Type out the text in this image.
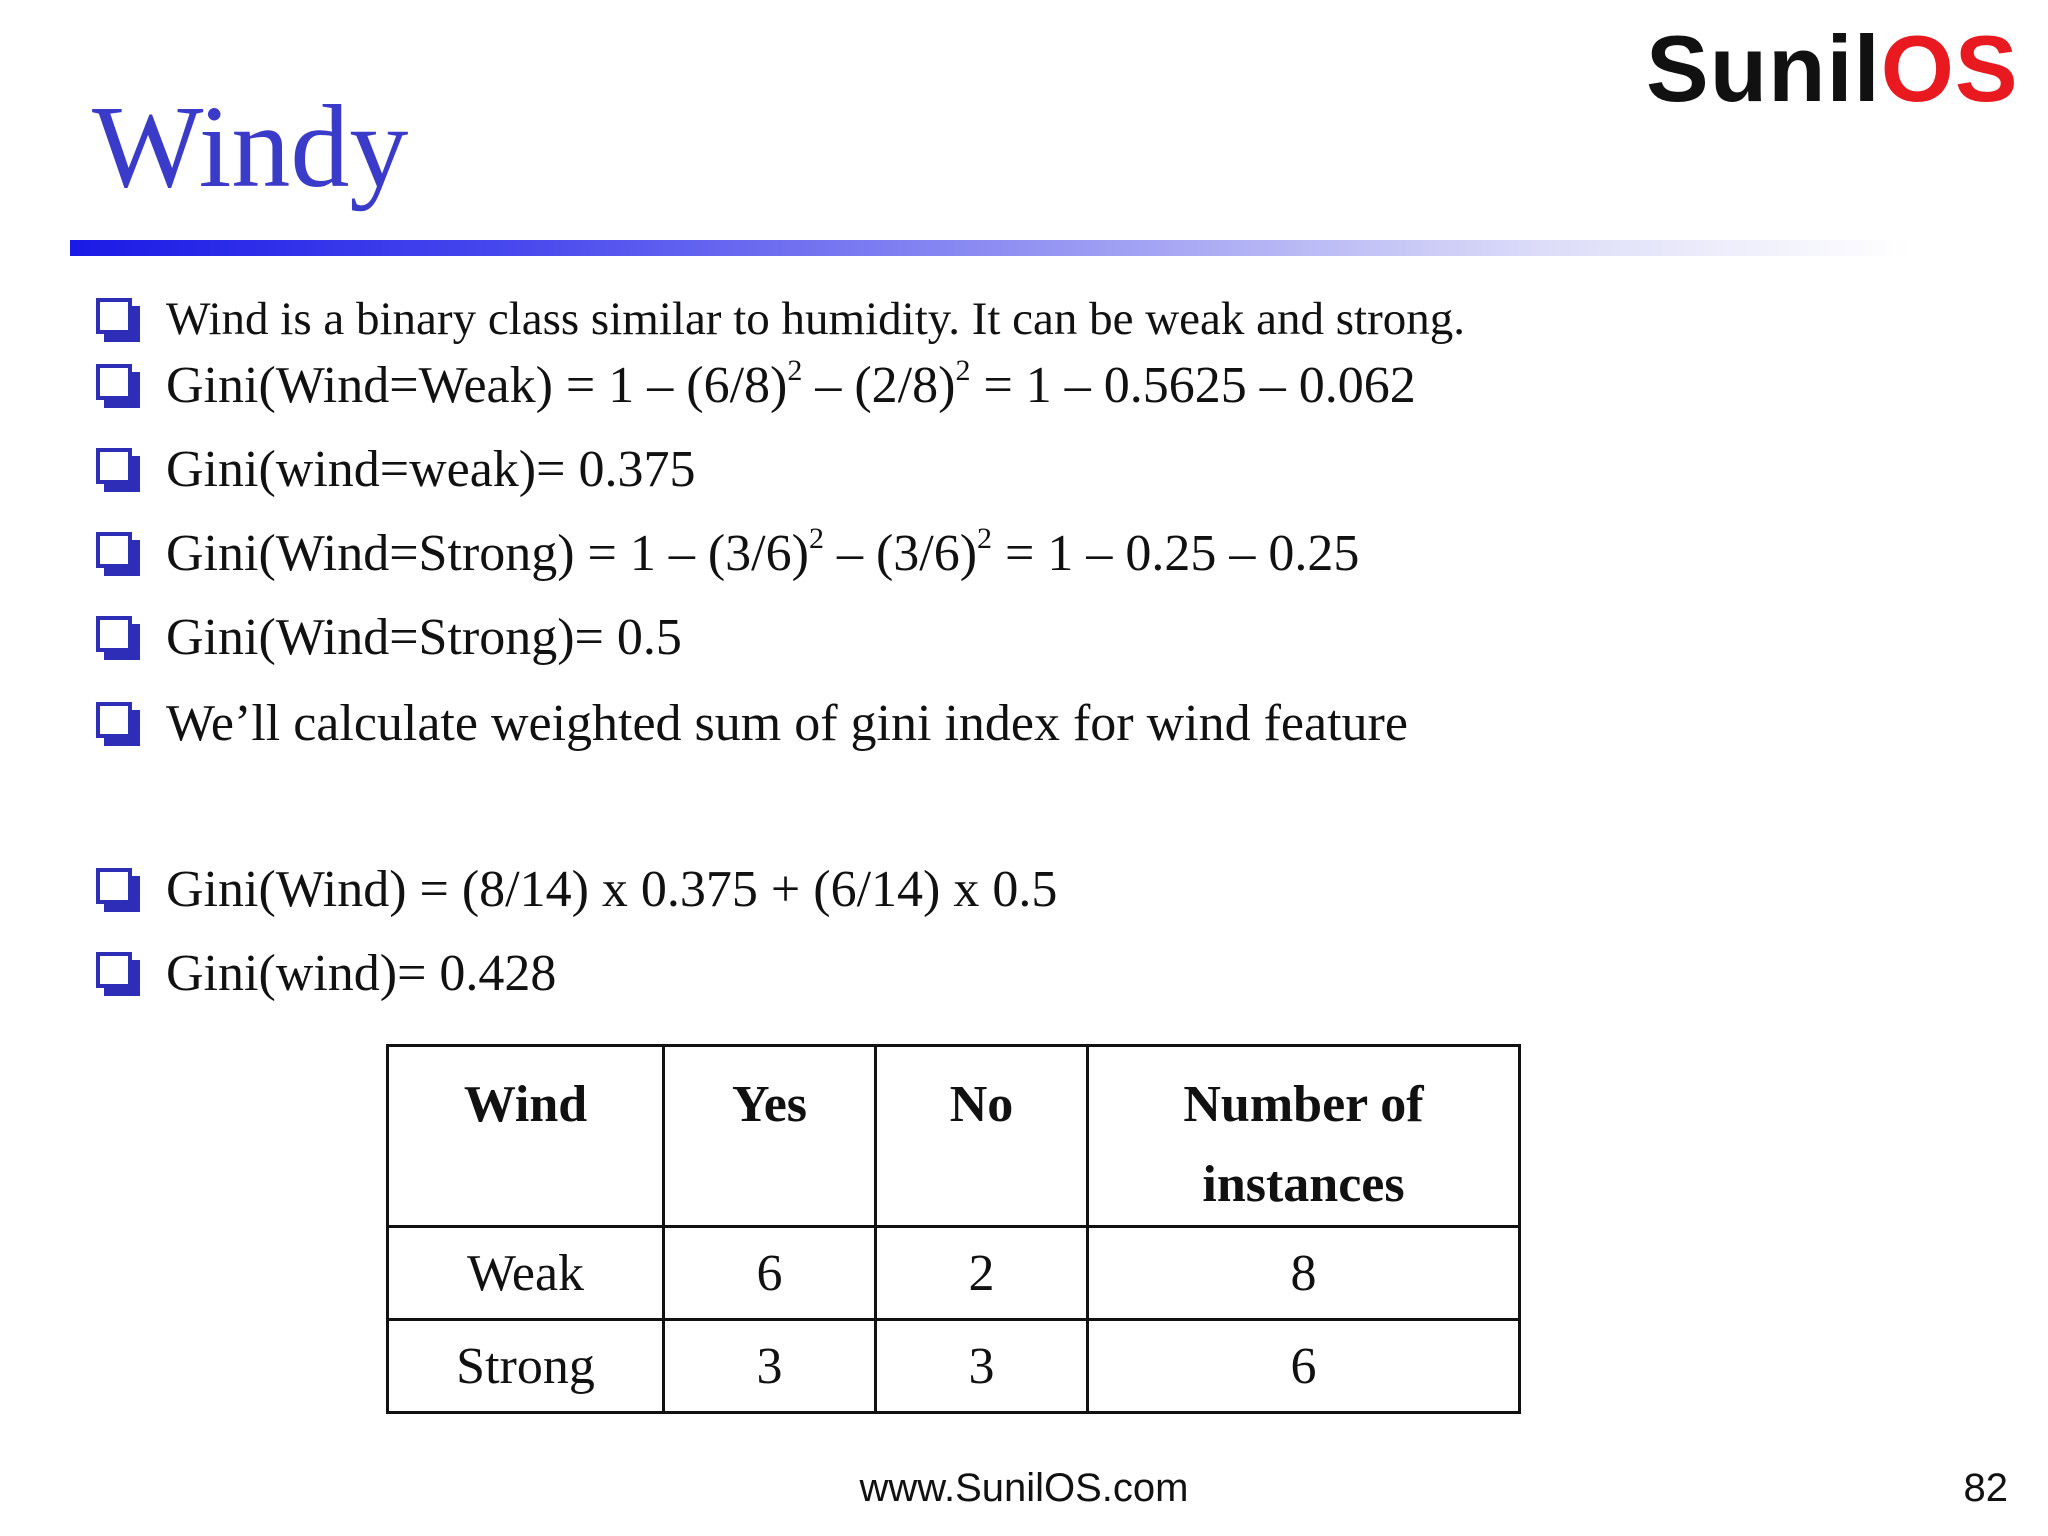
SunilOS
Windy
Wind is a binary class similar to humidity. It can be weak and strong.
Gini(Wind=Weak) = $1 - (6/8)^2 - (2/8)^2 = 1 - 0.5625 - 0.062$
Gini(wind=weak)= 0.375
Gini(Wind=Strong) = $1 - (3/6)^2 - (3/6)^2 = 1 - 0.25 - 0.25$
Gini(Wind=Strong)= 0.5
We’ll calculate weighted sum of gini index for wind feature
Gini(Wind) = (8/14) x 0.375 + (6/14) x 0.5
Gini(wind)= 0.428
Wind	Yes	No	Number of instances
Weak	6	2	8
Strong	3	3	6
www.SunilOS.com	82
